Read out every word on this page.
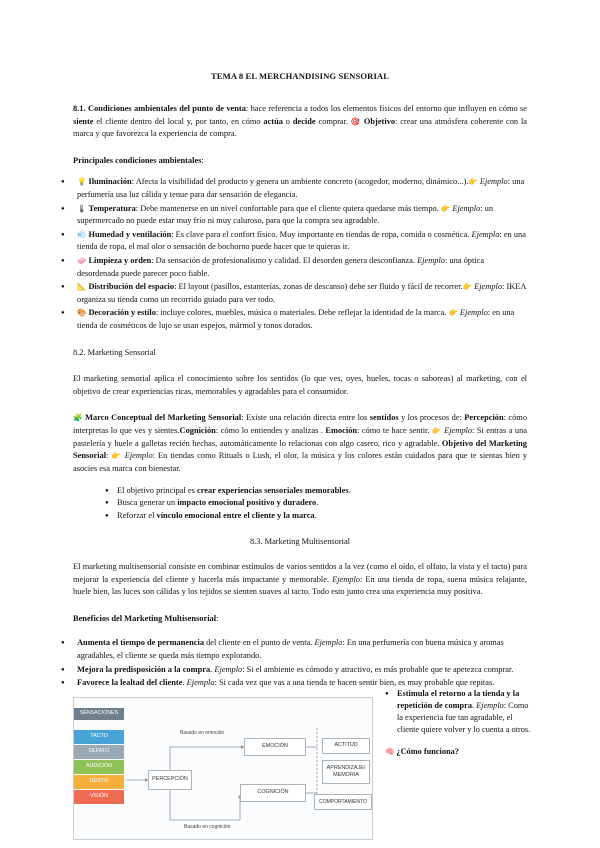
TEMA 8 EL MERCHANDISING SENSORIAL

8.1. Condiciones ambientales del punto de venta: hace referencia a todos los elementos físicos del entorno que influyen en cómo se siente el cliente dentro del local y, por tanto, en cómo actúa o decide comprar. 🎯 Objetivo: crear una atmósfera coherente con la marca y que favorezca la experiencia de compra.

Principales condiciones ambientales:

● 💡 Iluminación: Afecta la visibilidad del producto y genera un ambiente concreto (acogedor, moderno, dinámico...).👉 Ejemplo: una perfumería usa luz cálida y tenue para dar sensación de elegancia.

● 🌡 Temperatura: Debe mantenerse en un nivel confortable para que el cliente quiera quedarse más tiempo. 👉 Ejemplo: un supermercado no puede estar muy frío ni muy caluroso, para que la compra sea agradable.

● 💨 Humedad y ventilación: Es clave para el confort físico. Muy importante en tiendas de ropa, comida o cosmética. Ejemplo: en una tienda de ropa, el mal olor o sensación de bochorno puede hacer que te quieras ir.

● 🧼 Limpieza y orden: Da sensación de profesionalismo y calidad. El desorden genera desconfianza. Ejemplo: una óptica desordenada puede parecer poco fiable.

● 📐 Distribución del espacio: El layout (pasillos, estanterías, zonas de descanso) debe ser fluido y fácil de recorrer.👉 Ejemplo: IKEA organiza su tienda como un recorrido guiado para ver todo.

● 🎨 Decoración y estilo: incluye colores, muebles, música o materiales. Debe reflejar la identidad de la marca. 👉 Ejemplo: en una tienda de cosméticos de lujo se usan espejos, mármol y tonos dorados.

8.2. Marketing Sensorial

El marketing sensorial aplica el conocimiento sobre los sentidos (lo que ves, oyes, hueles, tocas o saboreas) al marketing, con el objetivo de crear experiencias ricas, memorables y agradables para el consumidor.

🧩 Marco Conceptual del Marketing Sensorial: Existe una relación directa entre los sentidos y los procesos de: Percepción: cómo interpretas lo que ves y sientes.Cognición: cómo lo entiendes y analizas . Emoción: cómo te hace sentir. 👉 Ejemplo: Si entras a una pastelería y huele a galletas recién hechas, automáticamente lo relacionas con algo casero, rico y agradable. Objetivo del Marketing Sensorial: 👉 Ejemplo: En tiendas como Rituals o Lush, el olor, la música y los colores están cuidados para que te sientas bien y asocies esa marca con bienestar.

● El objetivo principal es crear experiencias sensoriales memorables.

● Busca generar un impacto emocional positivo y duradero.

● Reforzar el vínculo emocional entre el cliente y la marca.

8.3. Marketing Multisensorial

El marketing multisensorial consiste en combinar estímulos de varios sentidos a la vez (como el oído, el olfato, la vista y el tacto) para mejorar la experiencia del cliente y hacerla más impactante y memorable. Ejemplo: En una tienda de ropa, suena música relajante, huele bien, las luces son cálidas y los tejidos se sienten suaves al tacto. Todo esto junto crea una experiencia muy positiva.

Beneficios del Marketing Multisensorial:

● Aumenta el tiempo de permanencia del cliente en el punto de venta. Ejemplo: En una perfumería con buena música y aromas agradables, el cliente se queda más tiempo explorando.

● Mejora la predisposición a la compra. Ejemplo: Si el ambiente es cómodo y atractivo, es más probable que te apetezca comprar.

● Favorece la lealtad del cliente. Ejemplo: Si cada vez que vas a una tienda te hacen sentir bien, es muy probable que repitas.

SENSACIONES
TACTO
OLFATO
AUDICIÓN
GUSTO
VISIÓN
PERCEPCIÓN
Basado en emoción
EMOCIÓN
Basado en cognición
COGNICIÓN
ACTITUD
APRENDIZAJE/ MEMORIA
COMPORTAMIENTO

● Estimula el retorno a la tienda y la repetición de compra. Ejemplo: Como la experiencia fue tan agradable, el cliente quiere volver y lo cuenta a otros.

🧠 ¿Cómo funciona?
